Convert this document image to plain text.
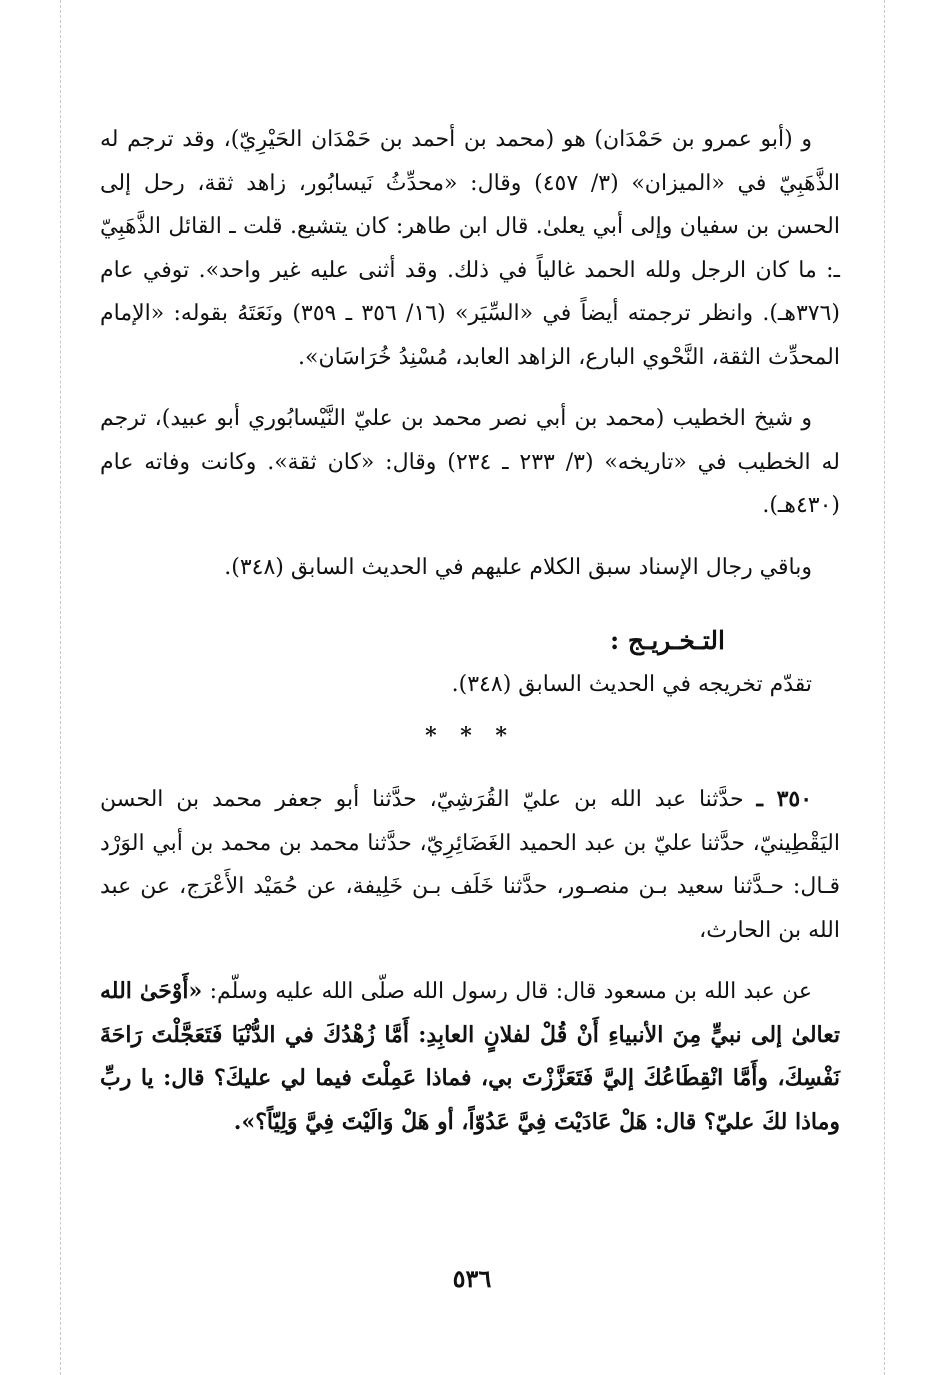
و (أبو عمرو بن حَمْدَان) هو (محمد بن أحمد بن حَمْدَان الحَيْرِيّ)، وقد ترجم له الذَّهَبِيّ في «الميزان» (٣/ ٤٥٧) وقال: «محدِّثُ نَيسابُور، زاهد ثقة، رحل إلى الحسن بن سفيان وإلى أبي يعلىٰ. قال ابن طاهر: كان يتشيع. قلت ـ القائل الذَّهَبِيّ ـ: ما كان الرجل ولله الحمد غالياً في ذلك. وقد أثنى عليه غير واحد». توفي عام (٣٧٦هـ). وانظر ترجمته أيضاً في «السِّيَر» (١٦/ ٣٥٦ ـ ٣٥٩) ونَعَتَهُ بقوله: «الإمام المحدِّث الثقة، النَّحْوي البارع، الزاهد العابد، مُسْنِدُ خُرَاسَان».

و شيخ الخطيب (محمد بن أبي نصر محمد بن عليّ النَّيْسابُوري أبو عبيد)، ترجم له الخطيب في «تاريخه» (٣/ ٢٣٣ ـ ٢٣٤) وقال: «كان ثقة». وكانت وفاته عام (٤٣٠هـ).

وباقي رجال الإسناد سبق الكلام عليهم في الحديث السابق (٣٤٨).

التـخـريـج :

تقدّم تخريجه في الحديث السابق (٣٤٨).

* * *

٣٥٠ ـ حدَّثنا عبد الله بن عليّ القُرَشِيّ، حدَّثنا أبو جعفر محمد بن الحسن اليَقْطِينيّ، حدَّثنا عليّ بن عبد الحميد الغَضَائِرِيّ، حدَّثنا محمد بن محمد بن أبي الوَرْد قـال: حـدَّثنا سعيد بـن منصـور، حدَّثنا خَلَف بـن خَلِيفة، عن حُمَيْد الأَعْرَج، عن عبد الله بن الحارث،

عن عبد الله بن مسعود قال: قال رسول الله صلّى الله عليه وسلّم: «أَوْحَىٰ الله تعالىٰ إلى نبيٍّ مِنَ الأنبياءِ أَنْ قُلْ لفلانٍ العابِدِ: أَمَّا زُهْدُكَ في الدُّنْيَا فَتَعَجَّلْتَ رَاحَةَ نَفْسِكَ، وأَمَّا انْقِطَاعُكَ إليَّ فَتَعَزَّزْتَ بي، فماذا عَمِلْتَ فيما لي عليكَ؟ قال: يا ربِّ وماذا لكَ عليّ؟ قال: هَلْ عَادَيْتَ فِيَّ عَدُوّاً، أو هَلْ وَالَيْتَ فِيَّ وَلِيّاً؟».

٥٣٦
